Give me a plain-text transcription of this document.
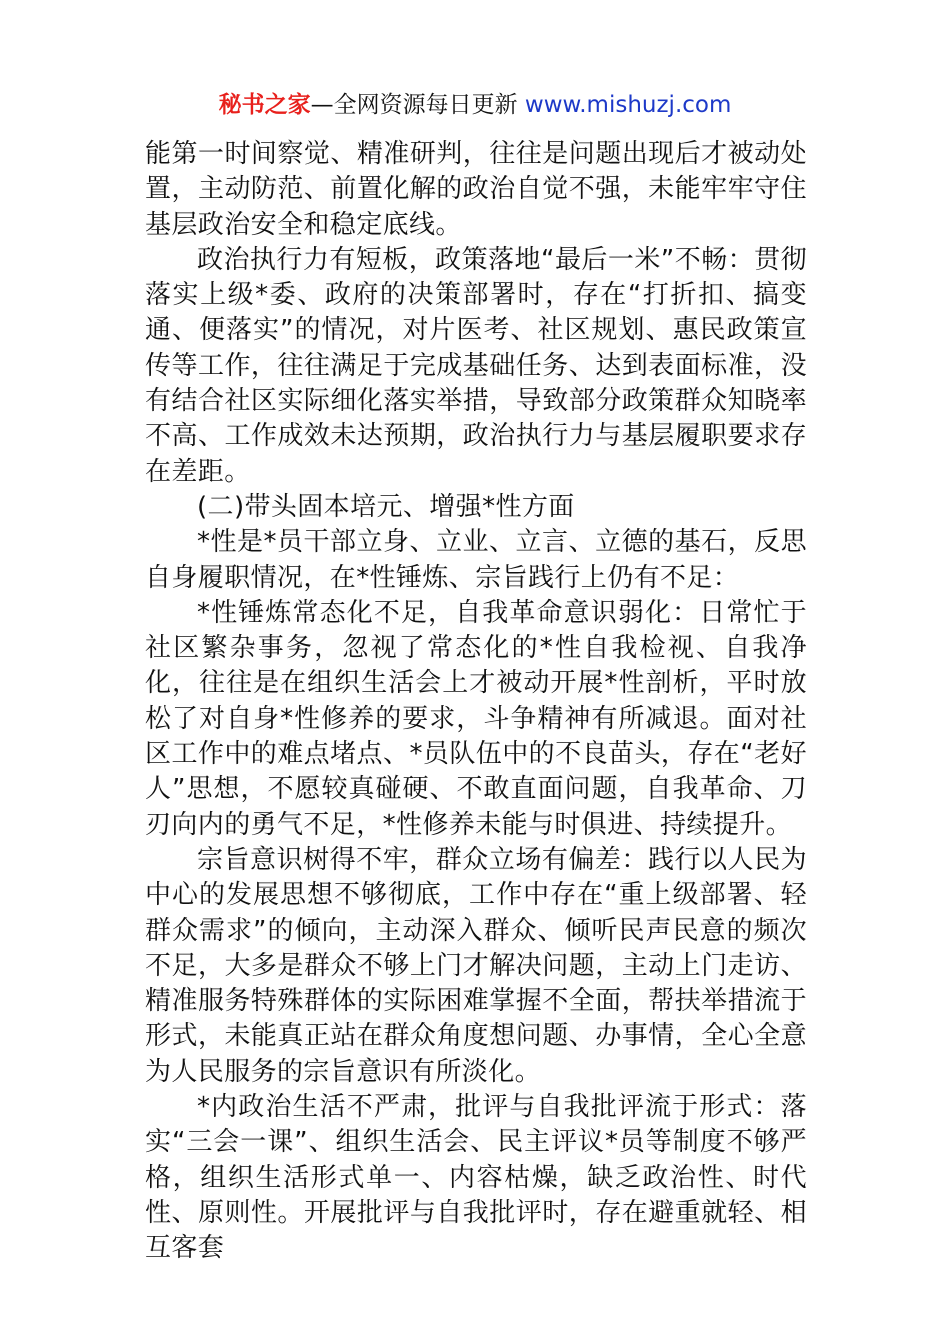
秘书之家—全网资源每日更新 www.mishuzj.com

能第一时间察觉、精准研判，往往是问题出现后才被动处置，主动防范、前置化解的政治自觉不强，未能牢牢守住基层政治安全和稳定底线。

政治执行力有短板，政策落地“最后一米”不畅：贯彻落实上级*委、政府的决策部署时，存在“打折扣、搞变通、便落实”的情况，对片医考、社区规划、惠民政策宣传等工作，往往满足于完成基础任务、达到表面标准，没有结合社区实际细化落实举措，导致部分政策群众知晓率不高、工作成效未达预期，政治执行力与基层履职要求存在差距。

(二)带头固本培元、增强*性方面

*性是*员干部立身、立业、立言、立德的基石，反思自身履职情况，在*性锤炼、宗旨践行上仍有不足：

*性锤炼常态化不足，自我革命意识弱化：日常忙于社区繁杂事务，忽视了常态化的*性自我检视、自我净化，往往是在组织生活会上才被动开展*性剖析，平时放松了对自身*性修养的要求，斗争精神有所减退。面对社区工作中的难点堵点、*员队伍中的不良苗头，存在“老好人”思想，不愿较真碰硬、不敢直面问题，自我革命、刀刃向内的勇气不足，*性修养未能与时俱进、持续提升。

宗旨意识树得不牢，群众立场有偏差：践行以人民为中心的发展思想不够彻底，工作中存在“重上级部署、轻群众需求”的倾向，主动深入群众、倾听民声民意的频次不足，大多是群众不够上门才解决问题，主动上门走访、精准服务特殊群体的实际困难掌握不全面，帮扶举措流于形式，未能真正站在群众角度想问题、办事情，全心全意为人民服务的宗旨意识有所淡化。

*内政治生活不严肃，批评与自我批评流于形式：落实“三会一课”、组织生活会、民主评议*员等制度不够严格，组织生活形式单一、内容枯燥，缺乏政治性、时代性、原则性。开展批评与自我批评时，存在避重就轻、相互客套
